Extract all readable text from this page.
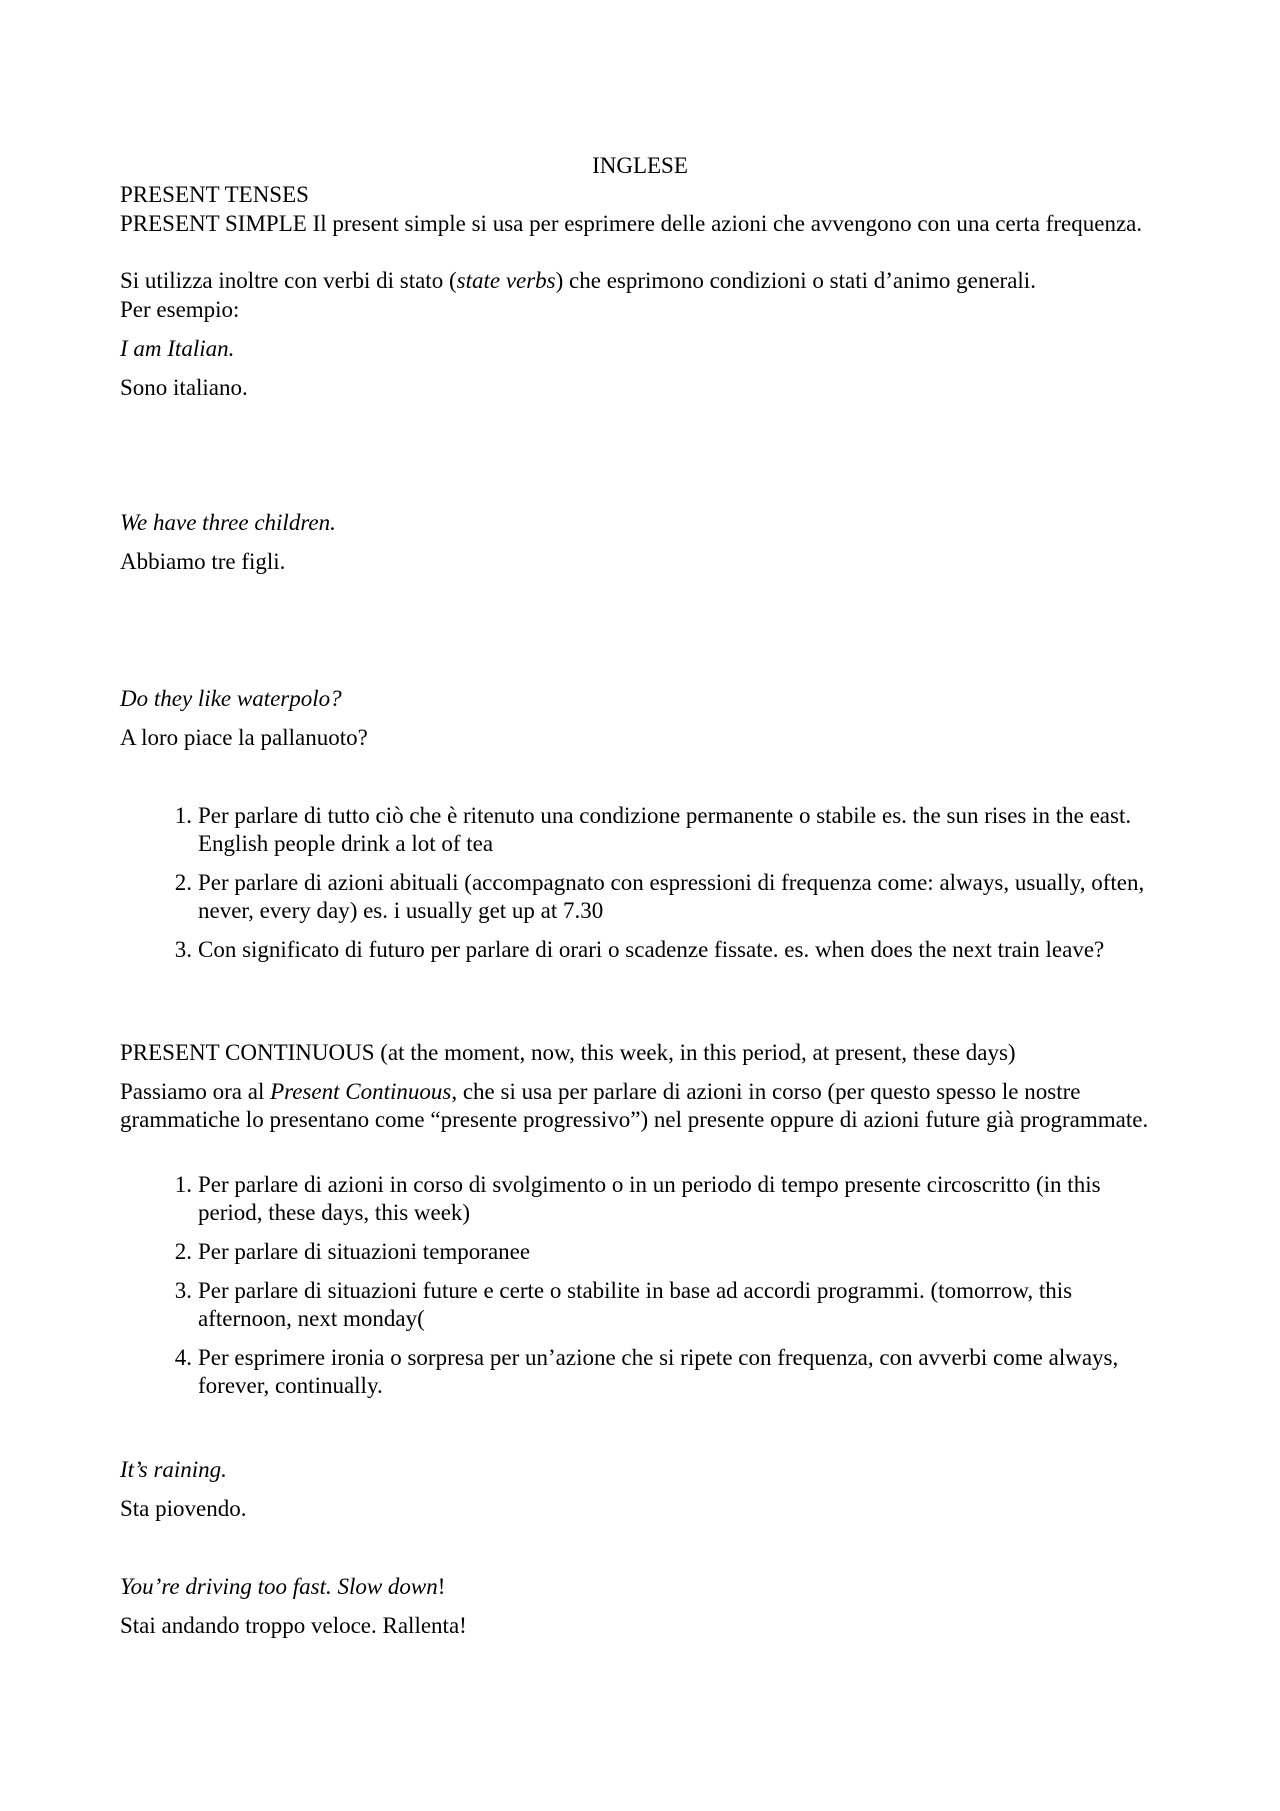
INGLESE

PRESENT TENSES

PRESENT SIMPLE Il present simple si usa per esprimere delle azioni che avvengono con una certa frequenza.

Si utilizza inoltre con verbi di stato (state verbs) che esprimono condizioni o stati d’animo generali.

Per esempio:

I am Italian.

Sono italiano.

We have three children.

Abbiamo tre figli.

Do they like waterpolo?

A loro piace la pallanuoto?

1. Per parlare di tutto ciò che è ritenuto una condizione permanente o stabile es. the sun rises in the east. English people drink a lot of tea
2. Per parlare di azioni abituali (accompagnato con espressioni di frequenza come: always, usually, often, never, every day) es. i usually get up at 7.30
3. Con significato di futuro per parlare di orari o scadenze fissate. es. when does the next train leave?

PRESENT CONTINUOUS (at the moment, now, this week, in this period, at present, these days)

Passiamo ora al Present Continuous, che si usa per parlare di azioni in corso (per questo spesso le nostre grammatiche lo presentano come “presente progressivo”) nel presente oppure di azioni future già programmate.

1. Per parlare di azioni in corso di svolgimento o in un periodo di tempo presente circoscritto (in this period, these days, this week)
2. Per parlare di situazioni temporanee
3. Per parlare di situazioni future e certe o stabilite in base ad accordi programmi. (tomorrow, this afternoon, next monday(
4. Per esprimere ironia o sorpresa per un’azione che si ripete con frequenza, con avverbi come always, forever, continually.

It’s raining.

Sta piovendo.

You’re driving too fast. Slow down!

Stai andando troppo veloce. Rallenta!
